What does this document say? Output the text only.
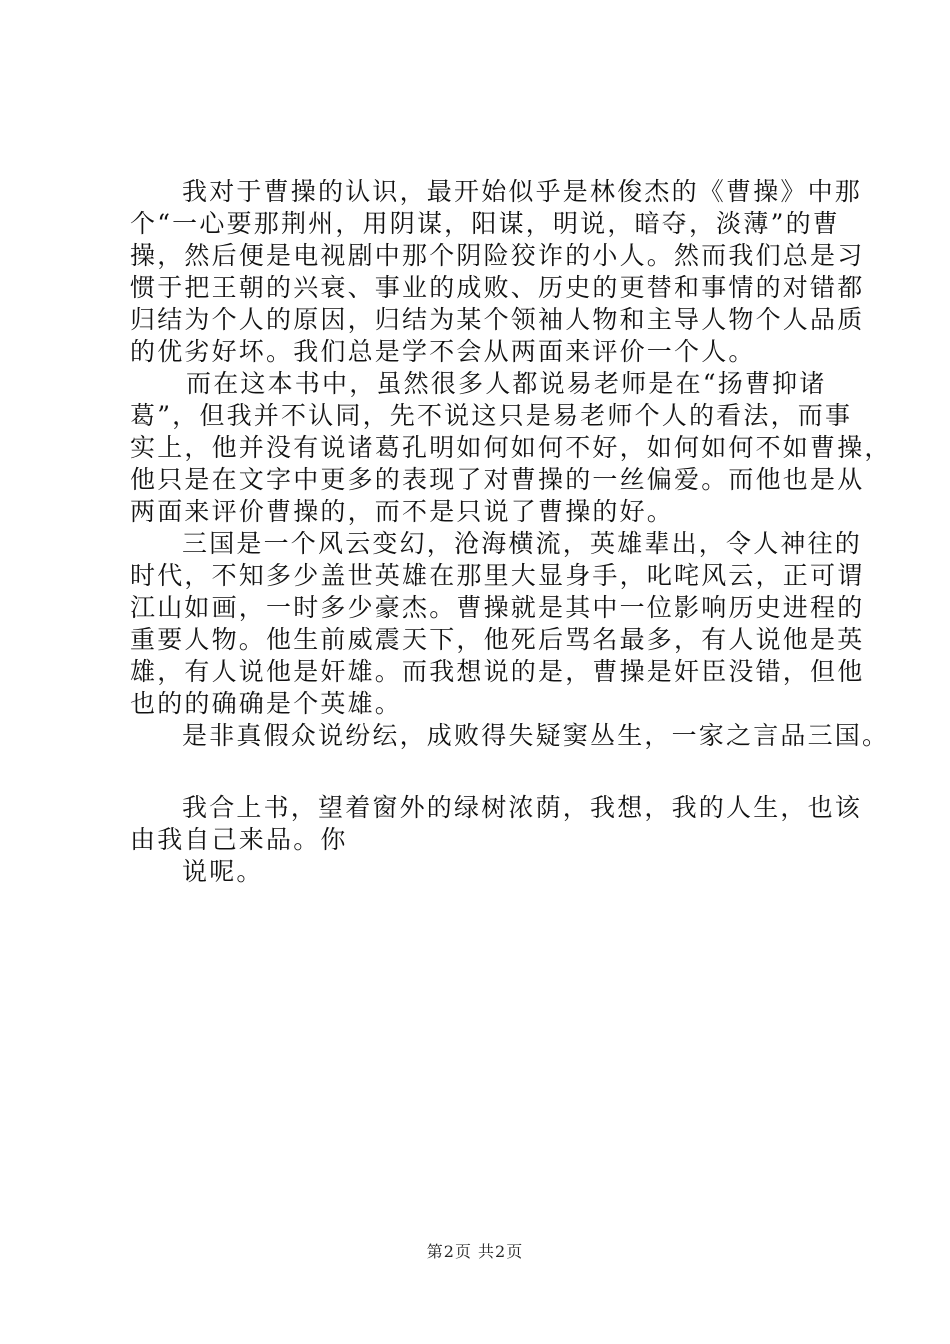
我对于曹操的认识，最开始似乎是林俊杰的《曹操》中那
个“一心要那荆州，用阴谋，阳谋，明说，暗夺，淡薄”的曹
操，然后便是电视剧中那个阴险狡诈的小人。然而我们总是习
惯于把王朝的兴衰、事业的成败、历史的更替和事情的对错都
归结为个人的原因，归结为某个领袖人物和主导人物个人品质
的优劣好坏。我们总是学不会从两面来评价一个人。
而在这本书中，虽然很多人都说易老师是在“扬曹抑诸
葛”，但我并不认同，先不说这只是易老师个人的看法，而事
实上，他并没有说诸葛孔明如何如何不好，如何如何不如曹操，
他只是在文字中更多的表现了对曹操的一丝偏爱。而他也是从
两面来评价曹操的，而不是只说了曹操的好。
三国是一个风云变幻，沧海横流，英雄辈出，令人神往的
时代，不知多少盖世英雄在那里大显身手，叱咤风云，正可谓
江山如画，一时多少豪杰。曹操就是其中一位影响历史进程的
重要人物。他生前威震天下，他死后骂名最多，有人说他是英
雄，有人说他是奸雄。而我想说的是，曹操是奸臣没错，但他
也的的确确是个英雄。
是非真假众说纷纭，成败得失疑窦丛生，一家之言品三国。
我合上书，望着窗外的绿树浓荫，我想，我的人生，也该
由我自己来品。你
说呢。
第2页 共2页
